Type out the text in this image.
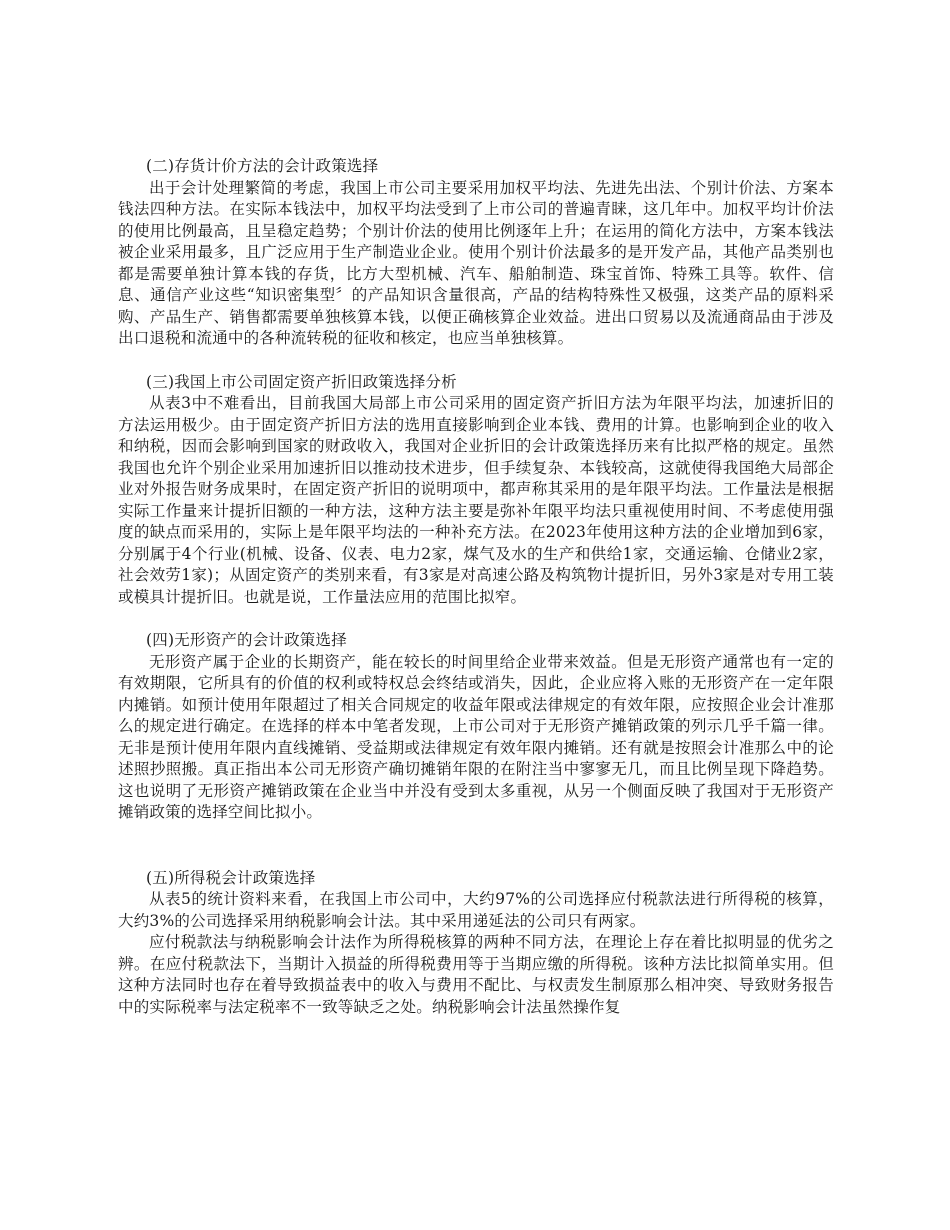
(二)存货计价方法的会计政策选择

出于会计处理繁简的考虑，我国上市公司主要采用加权平均法、先进先出法、个别计价法、方案本钱法四种方法。在实际本钱法中，加权平均法受到了上市公司的普遍青睐，这几年中。加权平均计价法的使用比例最高，且呈稳定趋势；个别计价法的使用比例逐年上升；在运用的简化方法中，方案本钱法被企业采用最多，且广泛应用于生产制造业企业。使用个别计价法最多的是开发产品，其他产品类别也都是需要单独计算本钱的存货，比方大型机械、汽车、船舶制造、珠宝首饰、特殊工具等。软件、信息、通信产业这些“知识密集型〞的产品知识含量很高，产品的结构特殊性又极强，这类产品的原料采购、产品生产、销售都需要单独核算本钱，以便正确核算企业效益。进出口贸易以及流通商品由于涉及出口退税和流通中的各种流转税的征收和核定，也应当单独核算。

(三)我国上市公司固定资产折旧政策选择分析

从表3中不难看出，目前我国大局部上市公司采用的固定资产折旧方法为年限平均法，加速折旧的方法运用极少。由于固定资产折旧方法的选用直接影响到企业本钱、费用的计算。也影响到企业的收入和纳税，因而会影响到国家的财政收入，我国对企业折旧的会计政策选择历来有比拟严格的规定。虽然我国也允许个别企业采用加速折旧以推动技术进步，但手续复杂、本钱较高，这就使得我国绝大局部企业对外报告财务成果时，在固定资产折旧的说明项中，都声称其采用的是年限平均法。工作量法是根据实际工作量来计提折旧额的一种方法，这种方法主要是弥补年限平均法只重视使用时间、不考虑使用强度的缺点而采用的，实际上是年限平均法的一种补充方法。在2023年使用这种方法的企业增加到6家，分别属于4个行业(机械、设备、仪表、电力2家，煤气及水的生产和供给1家，交通运输、仓储业2家，社会效劳1家)；从固定资产的类别来看，有3家是对高速公路及构筑物计提折旧，另外3家是对专用工装或模具计提折旧。也就是说，工作量法应用的范围比拟窄。

(四)无形资产的会计政策选择

无形资产属于企业的长期资产，能在较长的时间里给企业带来效益。但是无形资产通常也有一定的有效期限，它所具有的价值的权利或特权总会终结或消失，因此，企业应将入账的无形资产在一定年限内摊销。如预计使用年限超过了相关合同规定的收益年限或法律规定的有效年限，应按照企业会计准那么的规定进行确定。在选择的样本中笔者发现，上市公司对于无形资产摊销政策的列示几乎千篇一律。无非是预计使用年限内直线摊销、受益期或法律规定有效年限内摊销。还有就是按照会计准那么中的论述照抄照搬。真正指出本公司无形资产确切摊销年限的在附注当中寥寥无几，而且比例呈现下降趋势。这也说明了无形资产摊销政策在企业当中并没有受到太多重视，从另一个侧面反映了我国对于无形资产摊销政策的选择空间比拟小。

(五)所得税会计政策选择

从表5的统计资料来看，在我国上市公司中，大约97%的公司选择应付税款法进行所得税的核算，大约3%的公司选择采用纳税影响会计法。其中采用递延法的公司只有两家。

应付税款法与纳税影响会计法作为所得税核算的两种不同方法，在理论上存在着比拟明显的优劣之辨。在应付税款法下，当期计入损益的所得税费用等于当期应缴的所得税。该种方法比拟简单实用。但这种方法同时也存在着导致损益表中的收入与费用不配比、与权责发生制原那么相冲突、导致财务报告中的实际税率与法定税率不一致等缺乏之处。纳税影响会计法虽然操作复
